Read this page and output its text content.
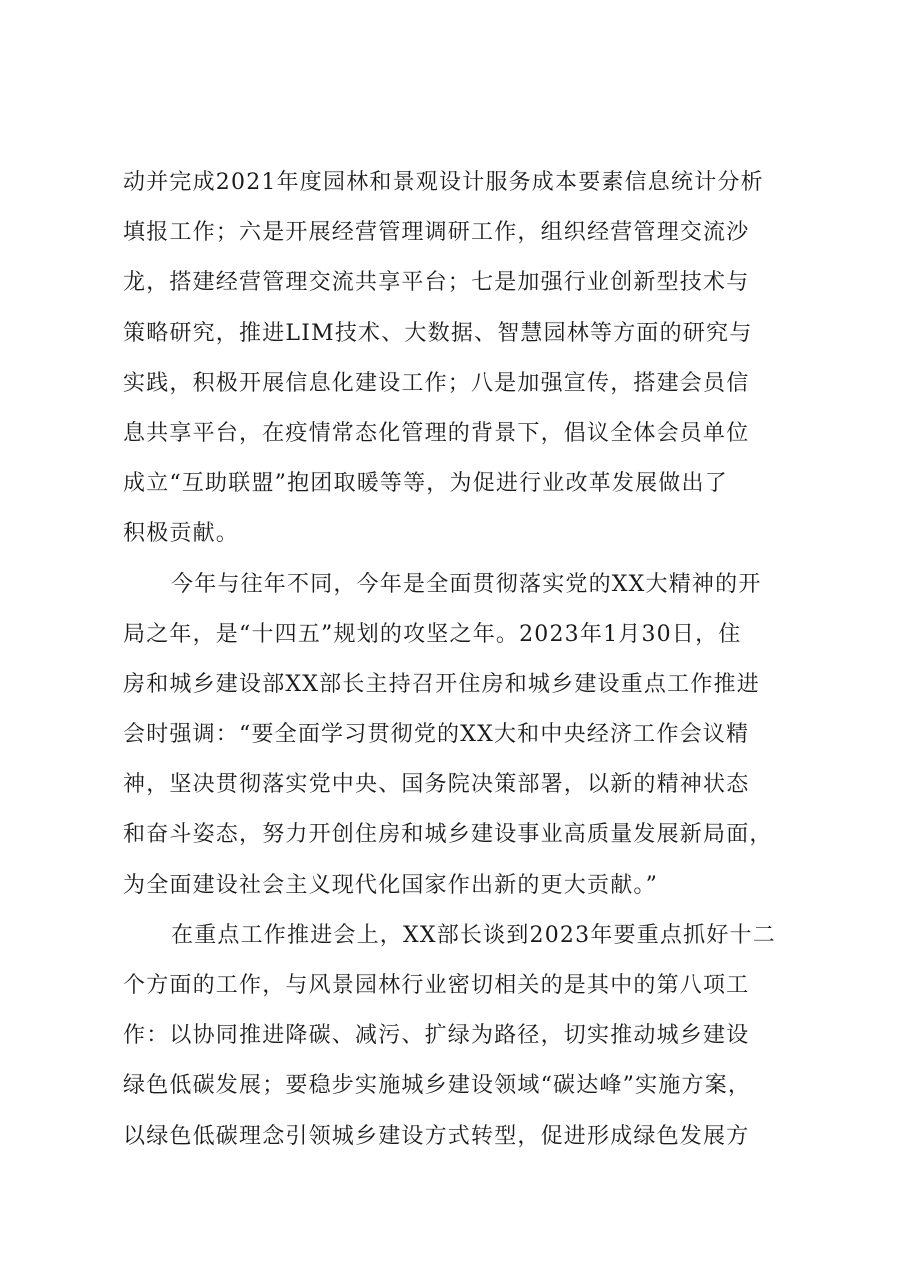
动并完成2021年度园林和景观设计服务成本要素信息统计分析
填报工作；六是开展经营管理调研工作，组织经营管理交流沙
龙，搭建经营管理交流共享平台；七是加强行业创新型技术与
策略研究，推进LIM技术、大数据、智慧园林等方面的研究与
实践，积极开展信息化建设工作；八是加强宣传，搭建会员信
息共享平台，在疫情常态化管理的背景下，倡议全体会员单位
成立“互助联盟”抱团取暖等等，为促进行业改革发展做出了
积极贡献。
今年与往年不同，今年是全面贯彻落实党的XX大精神的开
局之年，是“十四五”规划的攻坚之年。2023年1月30日，住
房和城乡建设部XX部长主持召开住房和城乡建设重点工作推进
会时强调：“要全面学习贯彻党的XX大和中央经济工作会议精
神，坚决贯彻落实党中央、国务院决策部署，以新的精神状态
和奋斗姿态，努力开创住房和城乡建设事业高质量发展新局面，
为全面建设社会主义现代化国家作出新的更大贡献。”
在重点工作推进会上，XX部长谈到2023年要重点抓好十二
个方面的工作，与风景园林行业密切相关的是其中的第八项工
作：以协同推进降碳、减污、扩绿为路径，切实推动城乡建设
绿色低碳发展；要稳步实施城乡建设领域“碳达峰”实施方案，
以绿色低碳理念引领城乡建设方式转型，促进形成绿色发展方
